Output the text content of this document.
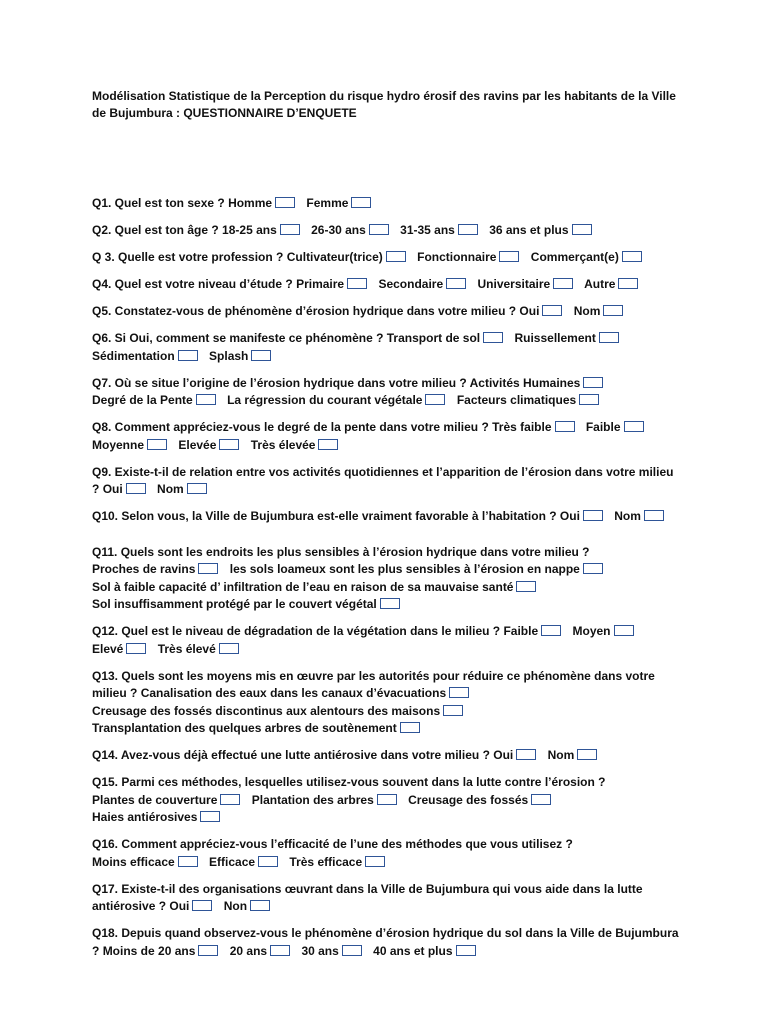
Modélisation Statistique de la Perception du risque hydro érosif des ravins par les habitants de la Ville de Bujumbura : QUESTIONNAIRE D’ENQUETE
Q1. Quel est ton sexe ? Homme	Femme
Q2. Quel est ton âge ? 18-25 ans	26-30 ans	31-35 ans	36 ans et plus
Q 3. Quelle est votre profession ? Cultivateur(trice)	Fonctionnaire	Commerçant(e)
Q4. Quel est votre niveau d’étude ? Primaire	Secondaire	Universitaire	Autre
Q5. Constatez-vous de phénomène d’érosion hydrique dans votre milieu ? Oui	Nom
Q6. Si Oui, comment se manifeste ce phénomène ? Transport de sol	Ruissellement Sédimentation	Splash
Q7. Où se situe l’origine de l’érosion hydrique dans votre milieu ? Activités Humaines Degré de la Pente	La régression du courant végétale	Facteurs climatiques
Q8. Comment appréciez-vous le degré de la pente dans votre milieu ? Très faible	Faible Moyenne	Elevée	Très élevée
Q9. Existe-t-il de relation entre vos activités quotidiennes et l’apparition de l’érosion dans votre milieu ? Oui	Nom
Q10. Selon vous, la Ville de Bujumbura est-elle vraiment favorable à l’habitation ? Oui	Nom
Q11. Quels sont les endroits les plus sensibles à l’érosion hydrique dans votre milieu ? Proches de ravins	les sols loameux sont les plus sensibles à l’érosion en nappe Sol à faible capacité d’ infiltration de l’eau en raison de sa mauvaise santé Sol insuffisamment protégé par le couvert végétal
Q12. Quel est le niveau de dégradation de la végétation dans le milieu ? Faible	Moyen Elevé	Très élevé
Q13. Quels sont les moyens mis en œuvre par les autorités pour réduire ce phénomène dans votre milieu ? Canalisation des eaux dans les canaux d’évacuations Creusage des fossés discontinus aux alentours des maisons Transplantation des quelques arbres de soutènement
Q14. Avez-vous déjà effectué une lutte antiérosive dans votre milieu ? Oui	Nom
Q15. Parmi ces méthodes, lesquelles utilisez-vous souvent dans la lutte contre l’érosion ? Plantes de couverture	Plantation des arbres	Creusage des fossés Haies antiérosives
Q16. Comment appréciez-vous l’efficacité de l’une des méthodes que vous utilisez ? Moins efficace	Efficace	Très efficace
Q17. Existe-t-il des organisations œuvrant dans la Ville de Bujumbura qui vous aide dans la lutte antiérosive ? Oui	Non
Q18. Depuis quand observez-vous le phénomène d’érosion hydrique du sol dans la Ville de Bujumbura ? Moins de 20 ans	20 ans	30 ans	40 ans et plus
